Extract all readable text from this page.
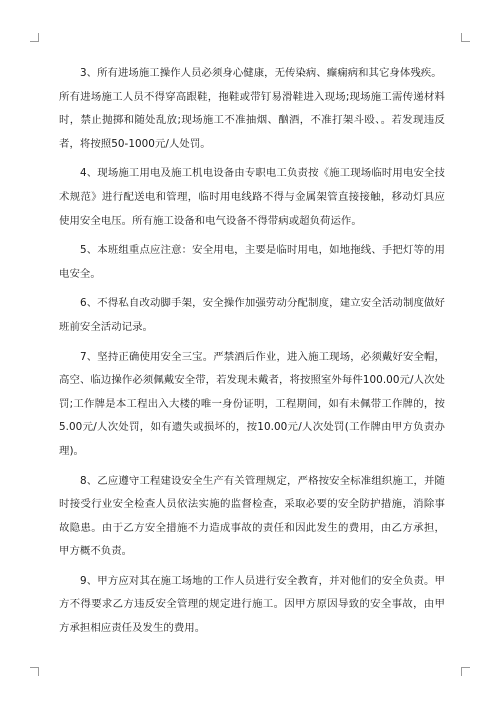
3、所有进场施工操作人员必须身心健康，无传染病、癫痫病和其它身体残疾。

所有进场施工人员不得穿高跟鞋，拖鞋或带钉易滑鞋进入现场;现场施工需传递材料时，禁止抛掷和随处乱放;现场施工不准抽烟、酗酒，不准打架斗殴、。若发现违反者，将按照50-1000元/人处罚。

4、现场施工用电及施工机电设备由专职电工负责按《施工现场临时用电安全技术规范》进行配送电和管理，临时用电线路不得与金属架管直接接触，移动灯具应使用安全电压。所有施工设备和电气设备不得带病或超负荷运作。

5、本班组重点应注意：安全用电，主要是临时用电，如地拖线、手把灯等的用电安全。

6、不得私自改动脚手架，安全操作加强劳动分配制度，建立安全活动制度做好班前安全活动记录。

7、坚持正确使用安全三宝。严禁酒后作业，进入施工现场，必须戴好安全帽，高空、临边操作必须佩戴安全带，若发现未戴者，将按照室外每件100.00元/人次处罚;工作牌是本工程出入大楼的唯一身份证明，工程期间，如有未佩带工作牌的，按5.00元/人次处罚，如有遗失或损坏的，按10.00元/人次处罚(工作牌由甲方负责办理)。

8、乙应遵守工程建设安全生产有关管理规定，严格按安全标准组织施工，并随时接受行业安全检查人员依法实施的监督检查，采取必要的安全防护措施，消除事故隐患。由于乙方安全措施不力造成事故的责任和因此发生的费用，由乙方承担，甲方概不负责。

9、甲方应对其在施工场地的工作人员进行安全教育，并对他们的安全负责。甲方不得要求乙方违反安全管理的规定进行施工。因甲方原因导致的安全事故，由甲方承担相应责任及发生的费用。
